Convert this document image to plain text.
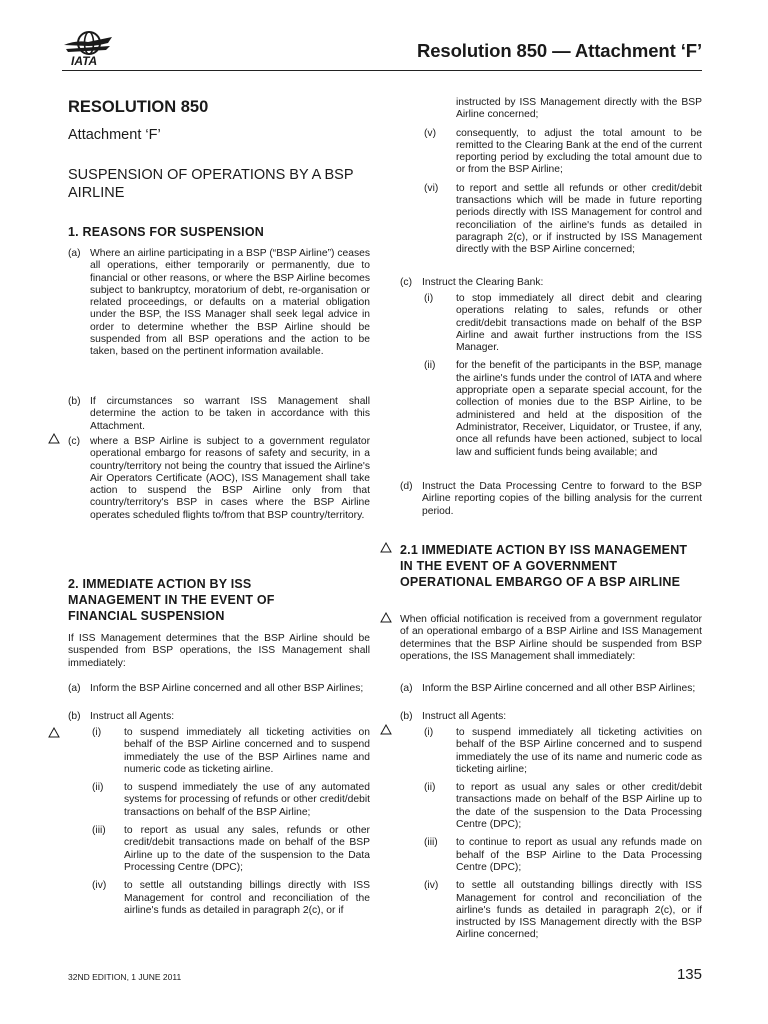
IATA	Resolution 850 — Attachment ‘F’
RESOLUTION 850
Attachment ‘F’
SUSPENSION OF OPERATIONS BY A BSP AIRLINE
1. REASONS FOR SUSPENSION
(a) Where an airline participating in a BSP (“BSP Airline”) ceases all operations, either temporarily or permanently, due to financial or other reasons, or where the BSP Airline becomes subject to bankruptcy, moratorium of debt, re-organisation or related proceedings, or defaults on a material obligation under the BSP, the ISS Manager shall seek legal advice in order to determine whether the BSP Airline should be suspended from all BSP operations and the action to be taken, based on the pertinent information available.
(b) If circumstances so warrant ISS Management shall determine the action to be taken in accordance with this Attachment.
(c) where a BSP Airline is subject to a government regulator operational embargo for reasons of safety and security, in a country/territory not being the country that issued the Airline's Air Operators Certificate (AOC), ISS Management shall take action to suspend the BSP Airline only from that country/territory's BSP in cases where the BSP Airline operates scheduled flights to/from that BSP country/territory.
2. IMMEDIATE ACTION BY ISS MANAGEMENT IN THE EVENT OF FINANCIAL SUSPENSION
If ISS Management determines that the BSP Airline should be suspended from BSP operations, the ISS Management shall immediately:
(a) Inform the BSP Airline concerned and all other BSP Airlines;
(b) Instruct all Agents:
(i)	to suspend immediately all ticketing activities on behalf of the BSP Airline concerned and to suspend immediately the use of the BSP Airlines name and numeric code as ticketing airline.
(ii)	to suspend immediately the use of any automated systems for processing of refunds or other credit/debit transactions on behalf of the BSP Airline;
(iii)	to report as usual any sales, refunds or other credit/debit transactions made on behalf of the BSP Airline up to the date of the suspension to the Data Processing Centre (DPC);
(iv)	to settle all outstanding billings directly with ISS Management for control and reconciliation of the airline's funds as detailed in paragraph 2(c), or if
instructed by ISS Management directly with the BSP Airline concerned;
(v)	consequently, to adjust the total amount to be remitted to the Clearing Bank at the end of the current reporting period by excluding the total amount due to or from the BSP Airline;
(vi)	to report and settle all refunds or other credit/debit transactions which will be made in future reporting periods directly with ISS Management for control and reconciliation of the airline's funds as detailed in paragraph 2(c), or if instructed by ISS Management directly with the BSP Airline concerned;
(c) Instruct the Clearing Bank:
(i)	to stop immediately all direct debit and clearing operations relating to sales, refunds or other credit/debit transactions made on behalf of the BSP Airline and await further instructions from the ISS Manager.
(ii)	for the benefit of the participants in the BSP, manage the airline's funds under the control of IATA and where appropriate open a separate special account, for the collection of monies due to the BSP Airline, to be administered and held at the disposition of the Administrator, Receiver, Liquidator, or Trustee, if any, once all refunds have been actioned, subject to local law and sufficient funds being available; and
(d) Instruct the Data Processing Centre to forward to the BSP Airline reporting copies of the billing analysis for the current period.
2.1 IMMEDIATE ACTION BY ISS MANAGEMENT IN THE EVENT OF A GOVERNMENT OPERATIONAL EMBARGO OF A BSP AIRLINE
When official notification is received from a government regulator of an operational embargo of a BSP Airline and ISS Management determines that the BSP Airline should be suspended from BSP operations, the ISS Management shall immediately:
(a) Inform the BSP Airline concerned and all other BSP Airlines;
(b) Instruct all Agents:
(i)	to suspend immediately all ticketing activities on behalf of the BSP Airline concerned and to suspend immediately the use of its name and numeric code as ticketing airline;
(ii)	to report as usual any sales or other credit/debit transactions made on behalf of the BSP Airline up to the date of the suspension to the Data Processing Centre (DPC);
(iii)	to continue to report as usual any refunds made on behalf of the BSP Airline to the Data Processing Centre (DPC);
(iv)	to settle all outstanding billings directly with ISS Management for control and reconciliation of the airline's funds as detailed in paragraph 2(c), or if instructed by ISS Management directly with the BSP Airline concerned;
32ND EDITION, 1 JUNE 2011	135
